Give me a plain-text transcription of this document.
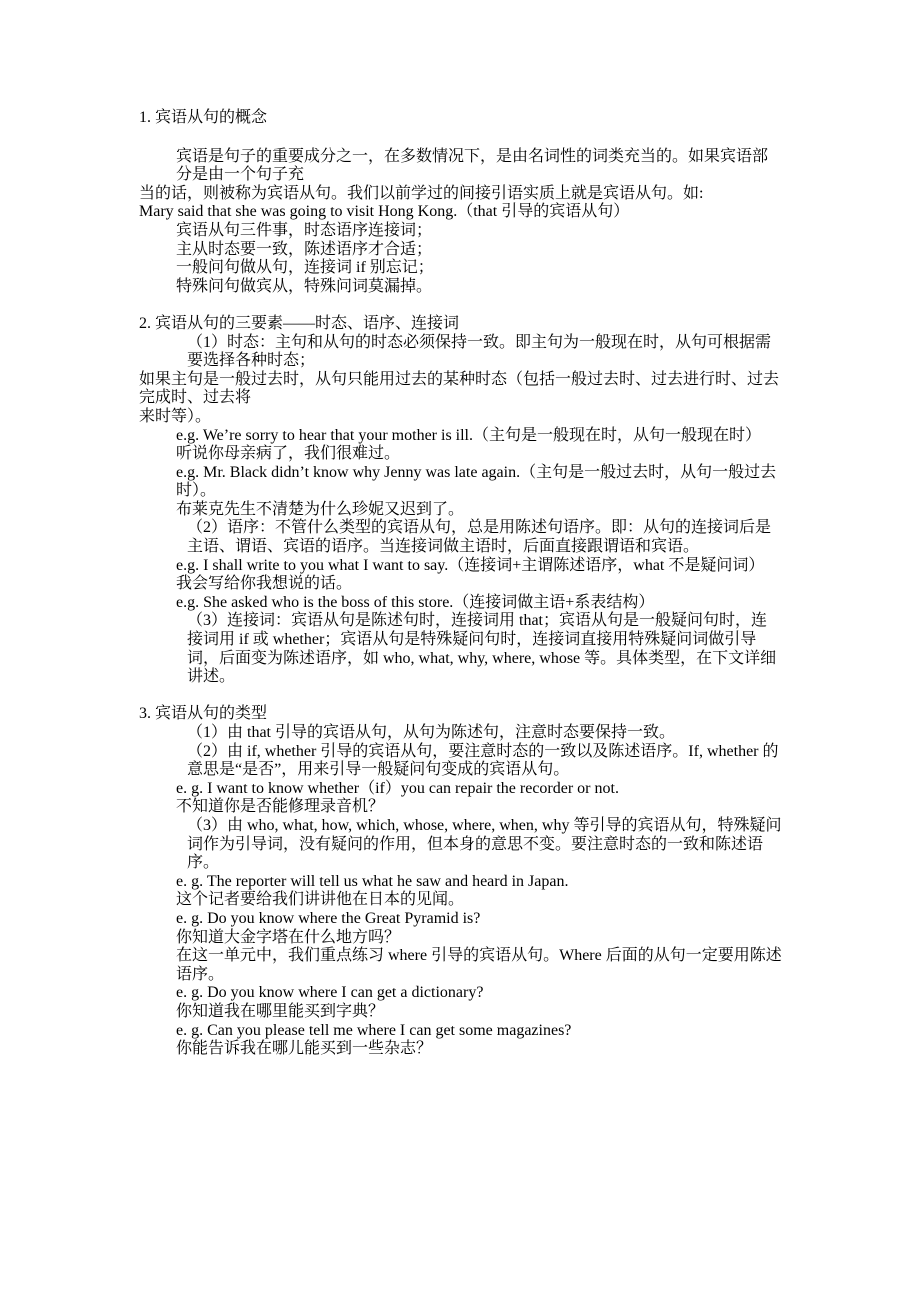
1. 宾语从句的概念

宾语是句子的重要成分之一，在多数情况下，是由名词性的词类充当的。如果宾语部分是由一个句子充

当的话，则被称为宾语从句。我们以前学过的间接引语实质上就是宾语从句。如:

Mary said that she was going to visit Hong Kong.（that 引导的宾语从句）

宾语从句三件事，时态语序连接词；

主从时态要一致，陈述语序才合适；

一般问句做从句，连接词 if 别忘记；

特殊问句做宾从，特殊问词莫漏掉。

2. 宾语从句的三要素——时态、语序、连接词

（1）时态：主句和从句的时态必须保持一致。即主句为一般现在时，从句可根据需要选择各种时态；

如果主句是一般过去时，从句只能用过去的某种时态（包括一般过去时、过去进行时、过去完成时、过去将

来时等）。

e.g. We’re sorry to hear that your mother is ill.（主句是一般现在时，从句一般现在时）

听说你母亲病了，我们很难过。

e.g. Mr. Black didn’t know why Jenny was late again.（主句是一般过去时，从句一般过去时）。

布莱克先生不清楚为什么珍妮又迟到了。

（2）语序：不管什么类型的宾语从句，总是用陈述句语序。即：从句的连接词后是主语、谓语、宾语的语序。当连接词做主语时，后面直接跟谓语和宾语。

e.g. I shall write to you what I want to say.（连接词+主谓陈述语序，what 不是疑问词）

我会写给你我想说的话。

e.g. She asked who is the boss of this store.（连接词做主语+系表结构）

（3）连接词：宾语从句是陈述句时，连接词用 that；宾语从句是一般疑问句时，连接词用 if 或 whether；宾语从句是特殊疑问句时，连接词直接用特殊疑问词做引导词，后面变为陈述语序，如 who, what, why, where, whose 等。具体类型，在下文详细讲述。

3. 宾语从句的类型

（1）由 that 引导的宾语从句，从句为陈述句，注意时态要保持一致。

（2）由 if, whether 引导的宾语从句，要注意时态的一致以及陈述语序。If, whether 的意思是“是否”，用来引导一般疑问句变成的宾语从句。

e. g. I want to know whether（if）you can repair the recorder or not.

不知道你是否能修理录音机？

（3）由 who, what, how, which, whose, where, when, why 等引导的宾语从句，特殊疑问词作为引导词，没有疑问的作用，但本身的意思不变。要注意时态的一致和陈述语序。

e. g. The reporter will tell us what he saw and heard in Japan.

这个记者要给我们讲讲他在日本的见闻。

e. g. Do you know where the Great Pyramid is?

你知道大金字塔在什么地方吗？

在这一单元中，我们重点练习 where 引导的宾语从句。Where 后面的从句一定要用陈述语序。

e. g. Do you know where I can get a dictionary?

你知道我在哪里能买到字典？

e. g. Can you please tell me where I can get some magazines?

你能告诉我在哪儿能买到一些杂志？
